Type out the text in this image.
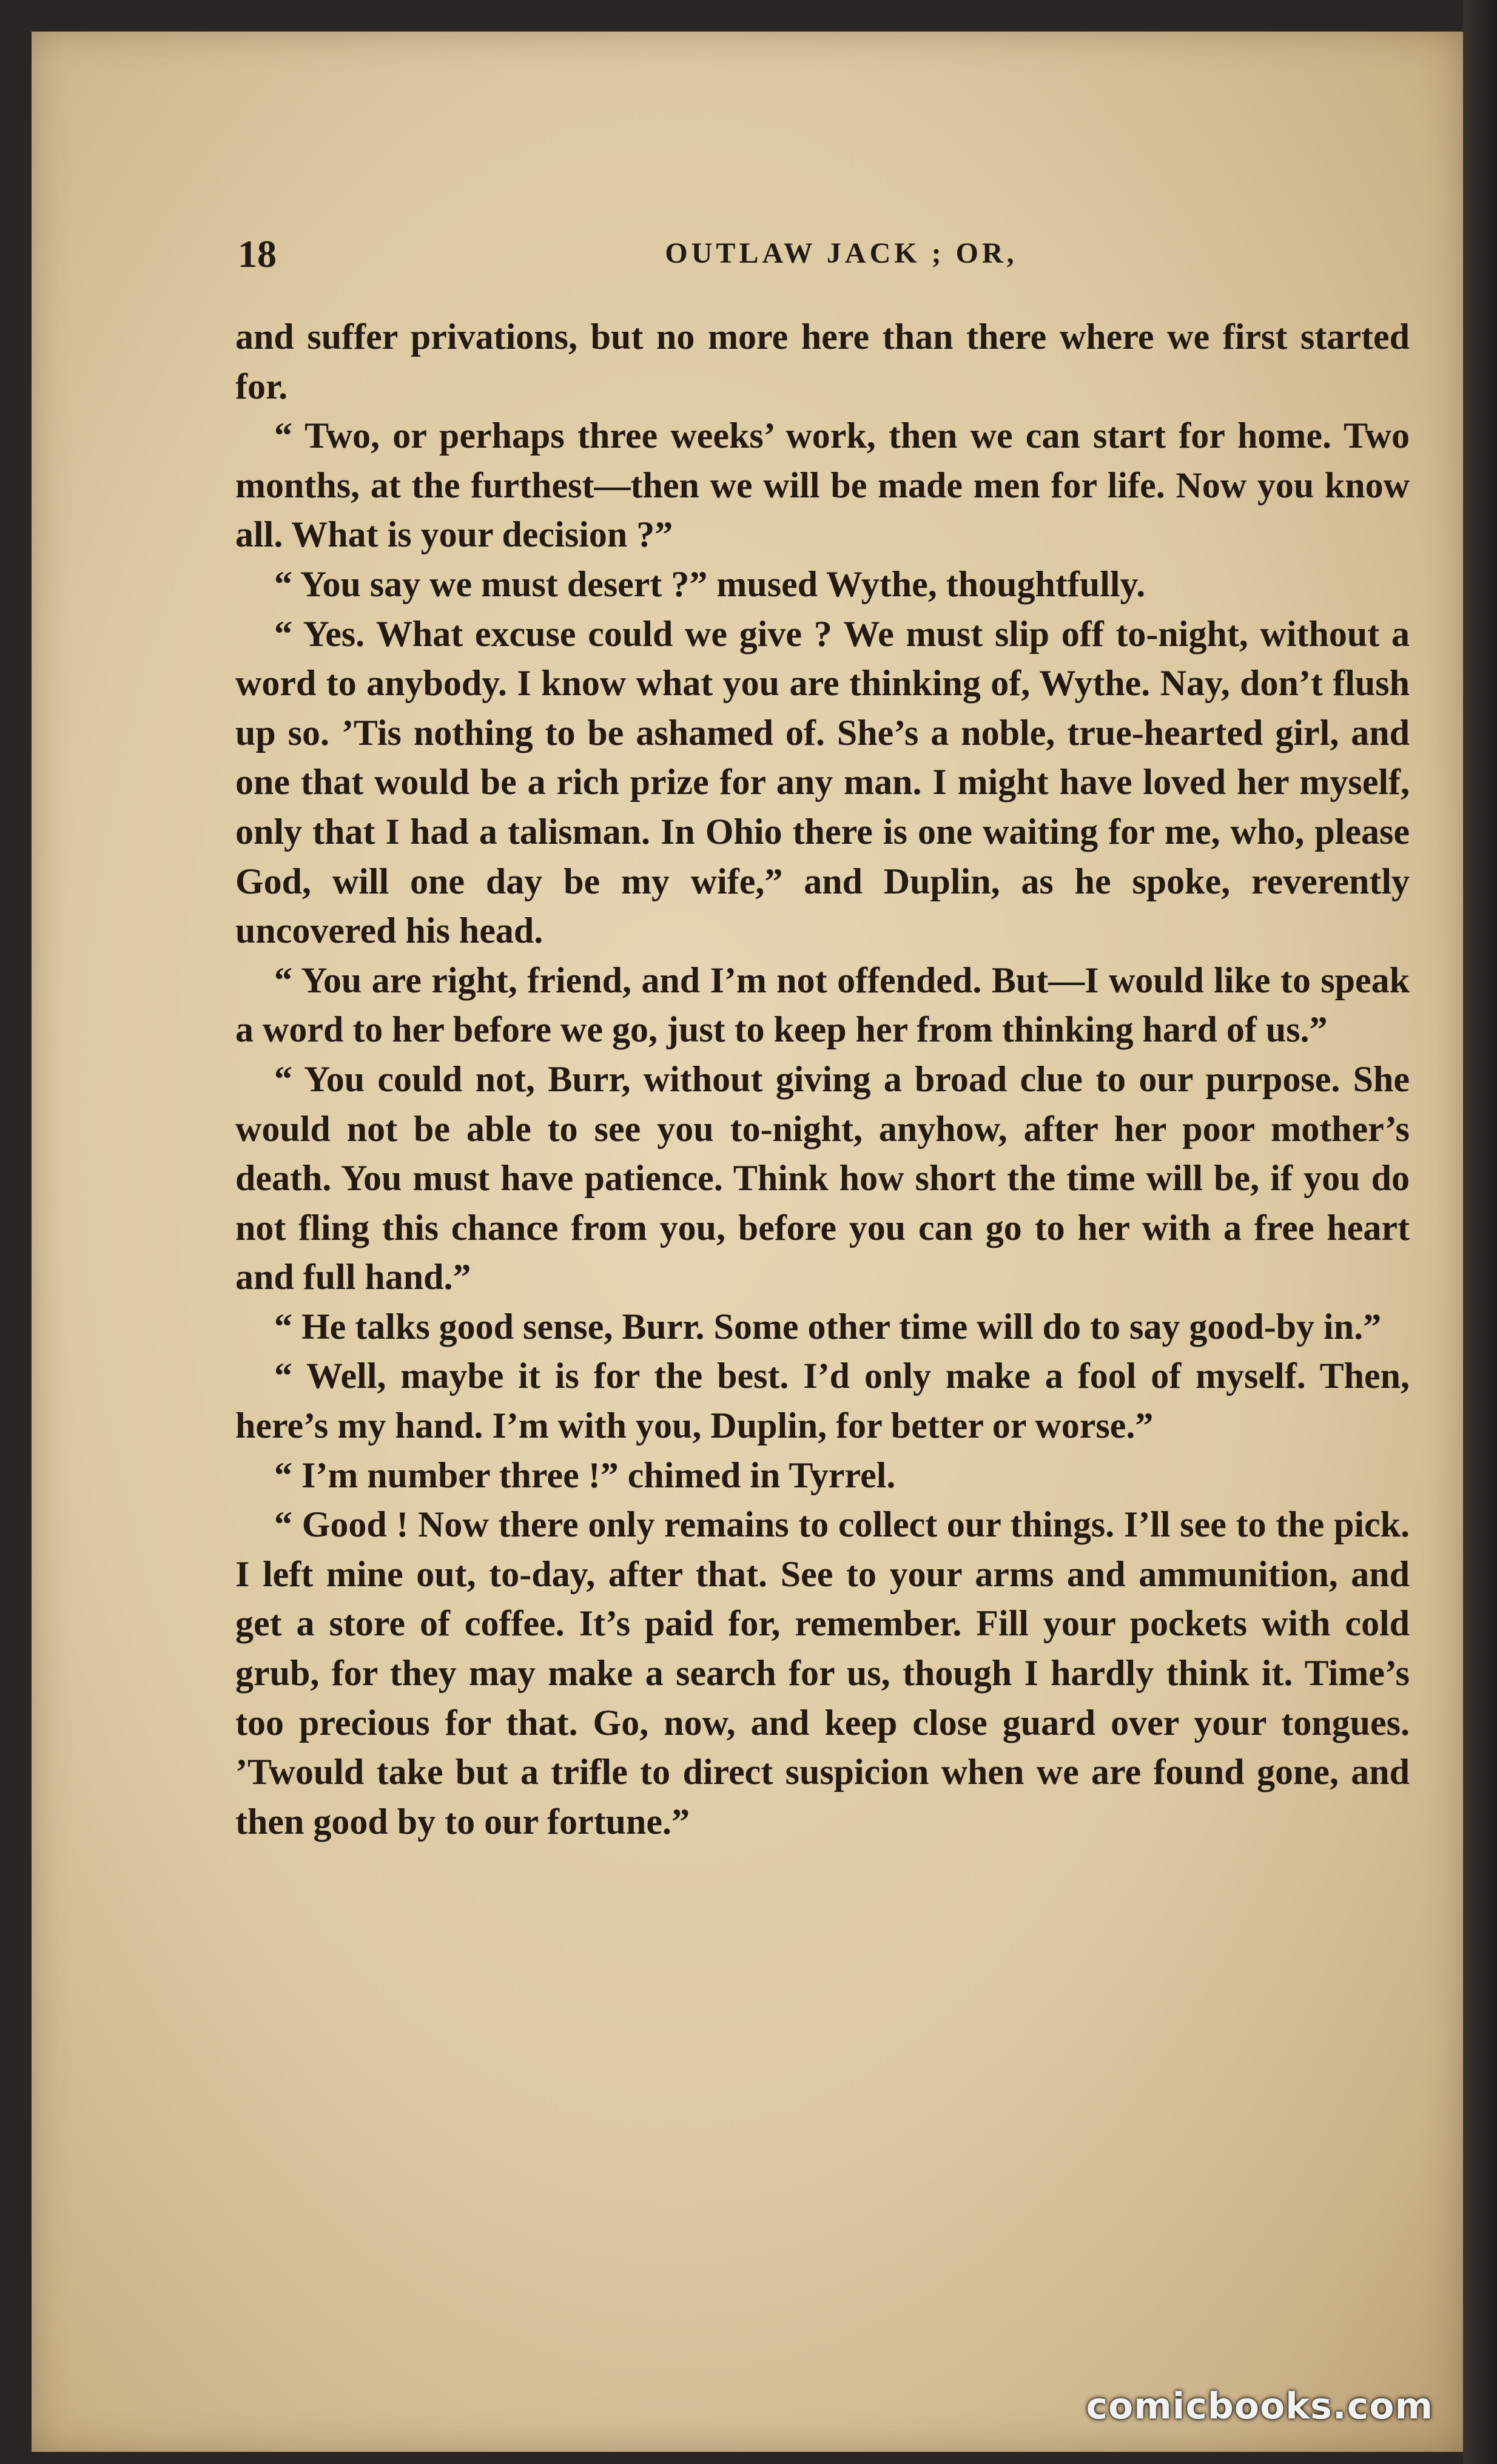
18	OUTLAW JACK ; OR,

and suffer privations, but no more here than there where we first started for.

“ Two, or perhaps three weeks’ work, then we can start for home. Two months, at the furthest—then we will be made men for life. Now you know all. What is your decision ?”

“ You say we must desert ?” mused Wythe, thoughtfully.

“ Yes. What excuse could we give ? We must slip off to-night, without a word to anybody. I know what you are thinking of, Wythe. Nay, don’t flush up so. ’Tis nothing to be ashamed of. She’s a noble, true-hearted girl, and one that would be a rich prize for any man. I might have loved her myself, only that I had a talisman. In Ohio there is one waiting for me, who, please God, will one day be my wife,” and Duplin, as he spoke, reverently uncovered his head.

“ You are right, friend, and I’m not offended. But—I would like to speak a word to her before we go, just to keep her from thinking hard of us.”

“ You could not, Burr, without giving a broad clue to our purpose. She would not be able to see you to-night, anyhow, after her poor mother’s death. You must have patience. Think how short the time will be, if you do not fling this chance from you, before you can go to her with a free heart and full hand.”

“ He talks good sense, Burr. Some other time will do to say good-by in.”

“ Well, maybe it is for the best. I’d only make a fool of myself. Then, here’s my hand. I’m with you, Duplin, for better or worse.”

“ I’m number three !” chimed in Tyrrel.

“ Good ! Now there only remains to collect our things. I’ll see to the pick. I left mine out, to-day, after that. See to your arms and ammunition, and get a store of coffee. It’s paid for, remember. Fill your pockets with cold grub, for they may make a search for us, though I hardly think it. Time’s too precious for that. Go, now, and keep close guard over your tongues. ’Twould take but a trifle to direct suspicion when we are found gone, and then good by to our fortune.”

comicbooks.com
